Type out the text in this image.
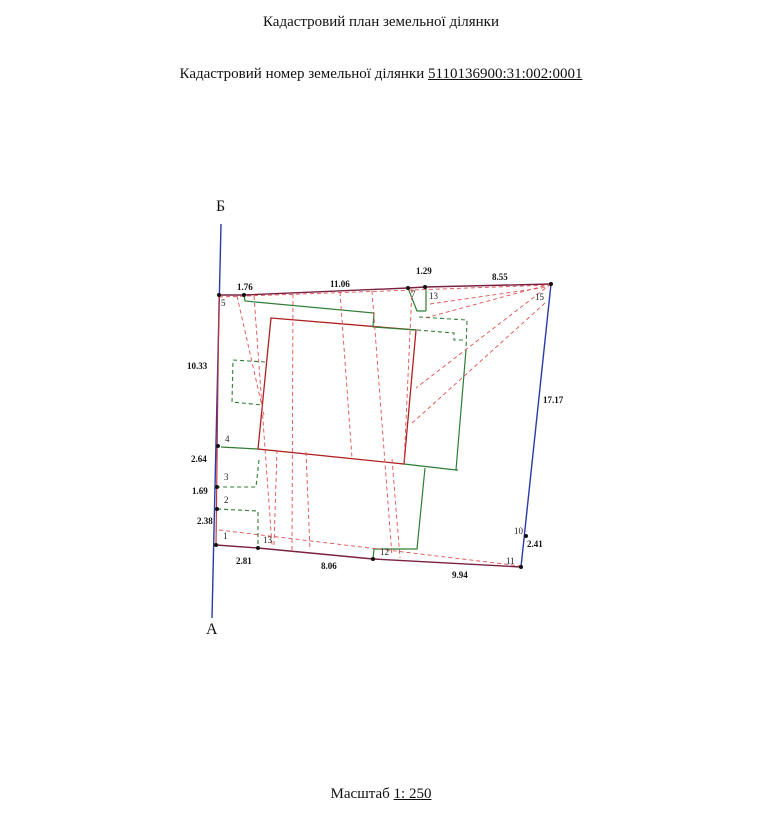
Кадастровий план земельної ділянки
Кадастровий номер земельної ділянки 5110136900:31:002:0001
Б
А
1.76	11.06
1.29
8.55
10.33
17.17
2.64
1.69
2.38
2.81	8.06
9.94
2.41
1
2
3
4
5
7
10
11
12
13
13	15
Масштаб 1: 250
